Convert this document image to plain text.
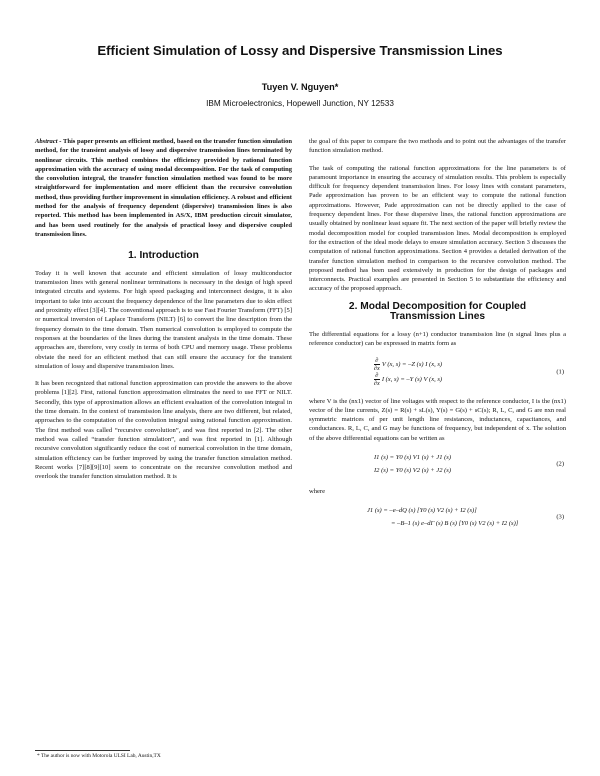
Efficient Simulation of Lossy and Dispersive Transmission Lines
Tuyen V. Nguyen*
IBM Microelectronics, Hopewell Junction, NY 12533

Abstract - This paper presents an efficient method, based on the transfer function simulation method, for the transient analysis of lossy and dispersive transmission lines terminated by nonlinear circuits. This method combines the efficiency provided by rational function approximation with the accuracy of using modal decomposition. For the task of computing the convolution integral, the transfer function simulation method was found to be more straightforward for implementation and more efficient than the recursive convolution method, thus providing further improvement in simulation efficiency. A robust and efficient method for the analysis of frequency dependent (dispersive) transmission lines is also reported. This method has been implemented in AS/X, IBM production circuit simulator, and has been used routinely for the analysis of practical lossy and dispersive coupled transmission lines.

1. Introduction

Today it is well known that accurate and efficient simulation of lossy multiconductor transmission lines with general nonlinear terminations is necessary in the design of high speed integrated circuits and systems. For high speed packaging and interconnect designs, it is also important to take into account the frequency dependence of the line parameters due to skin effect and proximity effect [3][4]. The conventional approach is to use Fast Fourier Transform (FFT) [5] or numerical inversion of Laplace Transform (NILT) [6] to convert the line description from the frequency domain to the time domain. Then numerical convolution is employed to compute the responses at the boundaries of the lines during the transient analysis in the time domain. These approaches are, therefore, very costly in terms of both CPU and memory usage. These problems obviate the need for an efficient method that can still ensure the accuracy for the transient simulation of lossy and dispersive transmission lines.

It has been recognized that rational function approximation can provide the answers to the above problems [1][2]. First, rational function approximation eliminates the need to use FFT or NILT. Secondly, this type of approximation allows an efficient evaluation of the convolution integral in the time domain. In the context of transmission line analysis, there are two different, but related, approaches to the computation of the convolution integral using rational function approximation. The first method was called “recursive convolution”, and was first reported in [2]. The other method was called “transfer function simulation”, and was first reported in [1]. Although recursive convolution significantly reduce the cost of numerical convolution in the time domain, simulation efficiency can be further improved by using the transfer function simulation method. Recent works [7][8][9][10] seem to concentrate on the recursive convolution method and overlook the transfer function simulation method. It is

the goal of this paper to compare the two methods and to point out the advantages of the transfer function simulation method.

The task of computing the rational function approximations for the line parameters is of paramount importance in ensuring the accuracy of simulation results. This problem is especially difficult for frequency dependent transmission lines. For lossy lines with constant parameters, Pade approximation has proven to be an efficient way to compute the rational function approximations. However, Pade approximation can not be directly applied to the case of frequency dependent lines. For these dispersive lines, the rational function approximations are usually obtained by nonlinear least square fit. The next section of the paper will briefly review the modal decomposition model for coupled transmission lines. Modal decomposition is employed for the extraction of the ideal mode delays to ensure simulation accuracy. Section 3 discusses the computation of rational function approximations. Section 4 provides a detailed derivation of the transfer function simulation method in comparison to the recursive convolution method. The proposed method has been used extensively in production for the design of packages and interconnects. Practical examples are presented in Section 5 to substantiate the efficiency and accuracy of the proposed approach.

2. Modal Decomposition for Coupled
Transmission Lines

The differential equations for a lossy (n+1) conductor transmission line (n signal lines plus a reference conductor) can be expressed in matrix form as

$\frac{\partial}{\partial x}$ V (x, s) = –Z (s) I (x, s)
$\frac{\partial}{\partial x}$ I (x, s) = –Y (s) V (x, s)
(1)

where V is the (nx1) vector of line voltages with respect to the reference conductor, I is the (nx1) vector of the line currents, Z(s) = R(s) + sL(s), Y(s) = G(s) + sC(s); R, L, C, and G are nxn real symmetric matrices of per unit length line resistances, inductances, capacitances, and conductances. R, L, C, and G may be functions of frequency, but independent of x. The solution of the above differential equations can be written as

I1 (s) = Y0 (s) V1 (s) + J1 (s)
I2 (s) = Y0 (s) V2 (s) + J2 (s)
(2)

where

J1 (s) = –e–dQ (s) [Y0 (s) V2 (s) + I2 (s)]
= –B–1 (s) e–dΓ (s) B (s) [Y0 (s) V2 (s) + I2 (s)]
(3)
* The author is now with Motorola ULSI Lab, Austin,TX
